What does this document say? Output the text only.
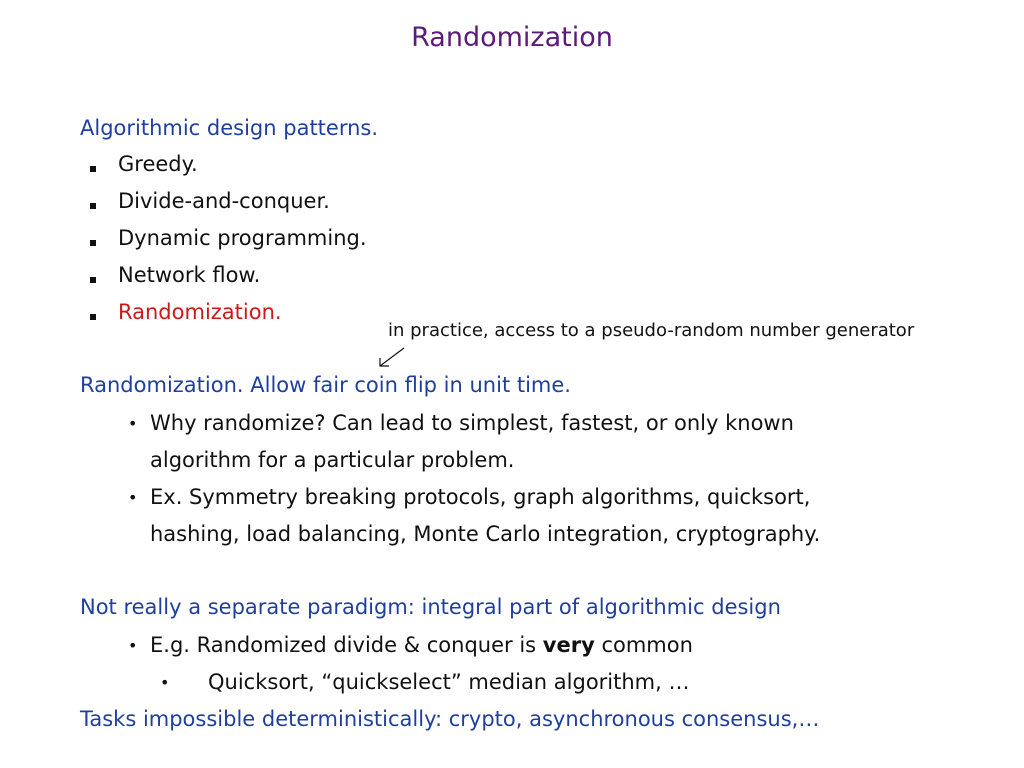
Randomization
Algorithmic design patterns.
Greedy.
Divide-and-conquer.
Dynamic programming.
Network flow.
Randomization.
in practice, access to a pseudo-random number generator
Randomization. Allow fair coin flip in unit time.
• Why randomize? Can lead to simplest, fastest, or only known
algorithm for a particular problem.
• Ex. Symmetry breaking protocols, graph algorithms, quicksort,
hashing, load balancing, Monte Carlo integration, cryptography.
Not really a separate paradigm: integral part of algorithmic design
• E.g. Randomized divide & conquer is very common
• Quicksort, “quickselect” median algorithm, …
Tasks impossible deterministically: crypto, asynchronous consensus,…
